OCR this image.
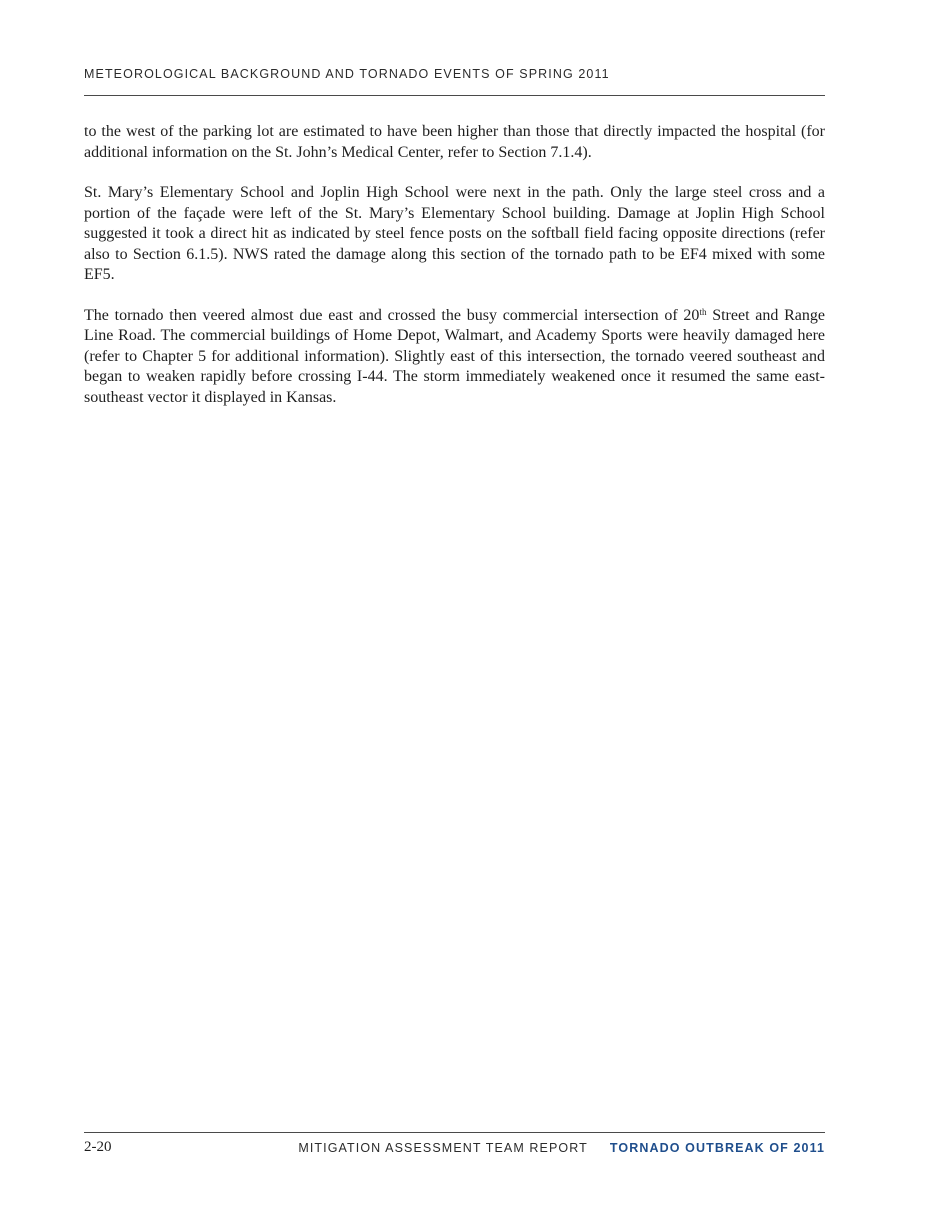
METEOROLOGICAL BACKGROUND AND TORNADO EVENTS OF SPRING 2011

to the west of the parking lot are estimated to have been higher than those that directly impacted the hospital (for additional information on the St. John’s Medical Center, refer to Section 7.1.4).

St. Mary’s Elementary School and Joplin High School were next in the path. Only the large steel cross and a portion of the façade were left of the St. Mary’s Elementary School building. Damage at Joplin High School suggested it took a direct hit as indicated by steel fence posts on the softball field facing opposite directions (refer also to Section 6.1.5). NWS rated the damage along this section of the tornado path to be EF4 mixed with some EF5.

The tornado then veered almost due east and crossed the busy commercial intersection of 20th Street and Range Line Road. The commercial buildings of Home Depot, Walmart, and Academy Sports were heavily damaged here (refer to Chapter 5 for additional information). Slightly east of this intersection, the tornado veered southeast and began to weaken rapidly before crossing I-44. The storm immediately weakened once it resumed the same east-southeast vector it displayed in Kansas.

2-20	MITIGATION ASSESSMENT TEAM REPORT TORNADO OUTBREAK OF 2011
